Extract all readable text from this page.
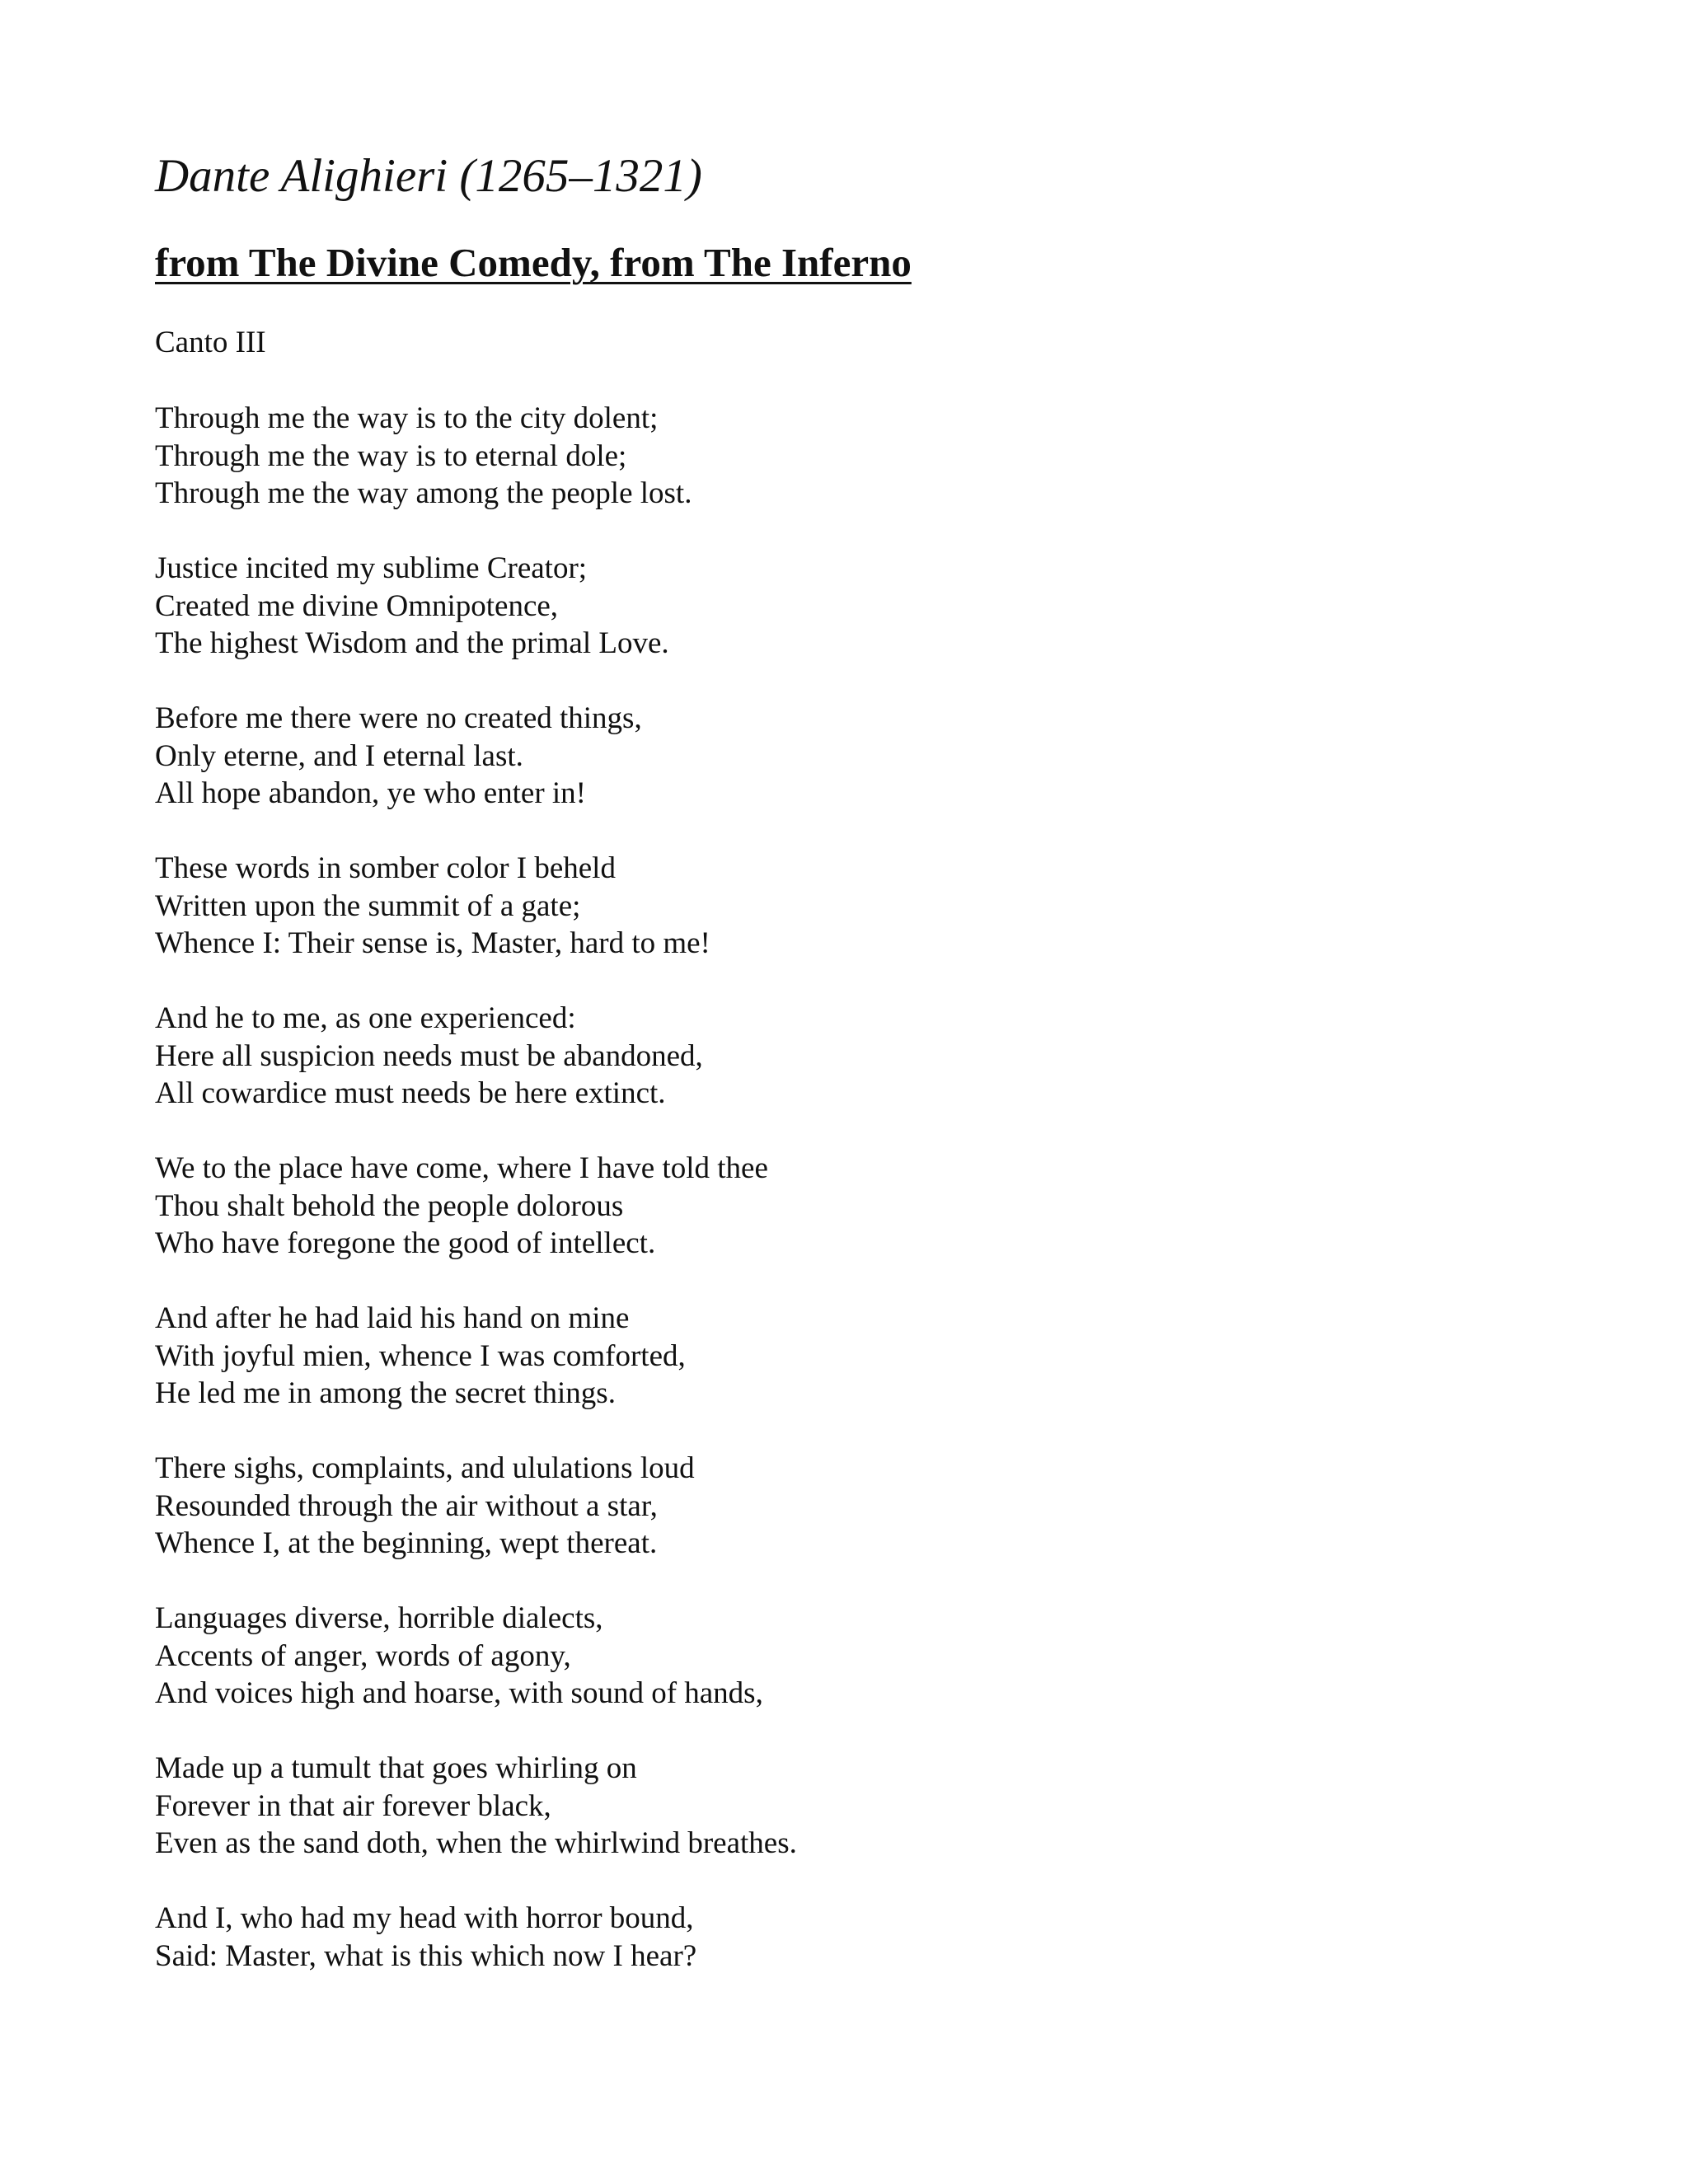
Dante Alighieri (1265–1321)
from The Divine Comedy, from The Inferno
Canto III
Through me the way is to the city dolent;
Through me the way is to eternal dole;
Through me the way among the people lost.
Justice incited my sublime Creator;
Created me divine Omnipotence,
The highest Wisdom and the primal Love.
Before me there were no created things,
Only eterne, and I eternal last.
All hope abandon, ye who enter in!
These words in somber color I beheld
Written upon the summit of a gate;
Whence I: Their sense is, Master, hard to me!
And he to me, as one experienced:
Here all suspicion needs must be abandoned,
All cowardice must needs be here extinct.
We to the place have come, where I have told thee
Thou shalt behold the people dolorous
Who have foregone the good of intellect.
And after he had laid his hand on mine
With joyful mien, whence I was comforted,
He led me in among the secret things.
There sighs, complaints, and ululations loud
Resounded through the air without a star,
Whence I, at the beginning, wept thereat.
Languages diverse, horrible dialects,
Accents of anger, words of agony,
And voices high and hoarse, with sound of hands,
Made up a tumult that goes whirling on
Forever in that air forever black,
Even as the sand doth, when the whirlwind breathes.
And I, who had my head with horror bound,
Said: Master, what is this which now I hear?
